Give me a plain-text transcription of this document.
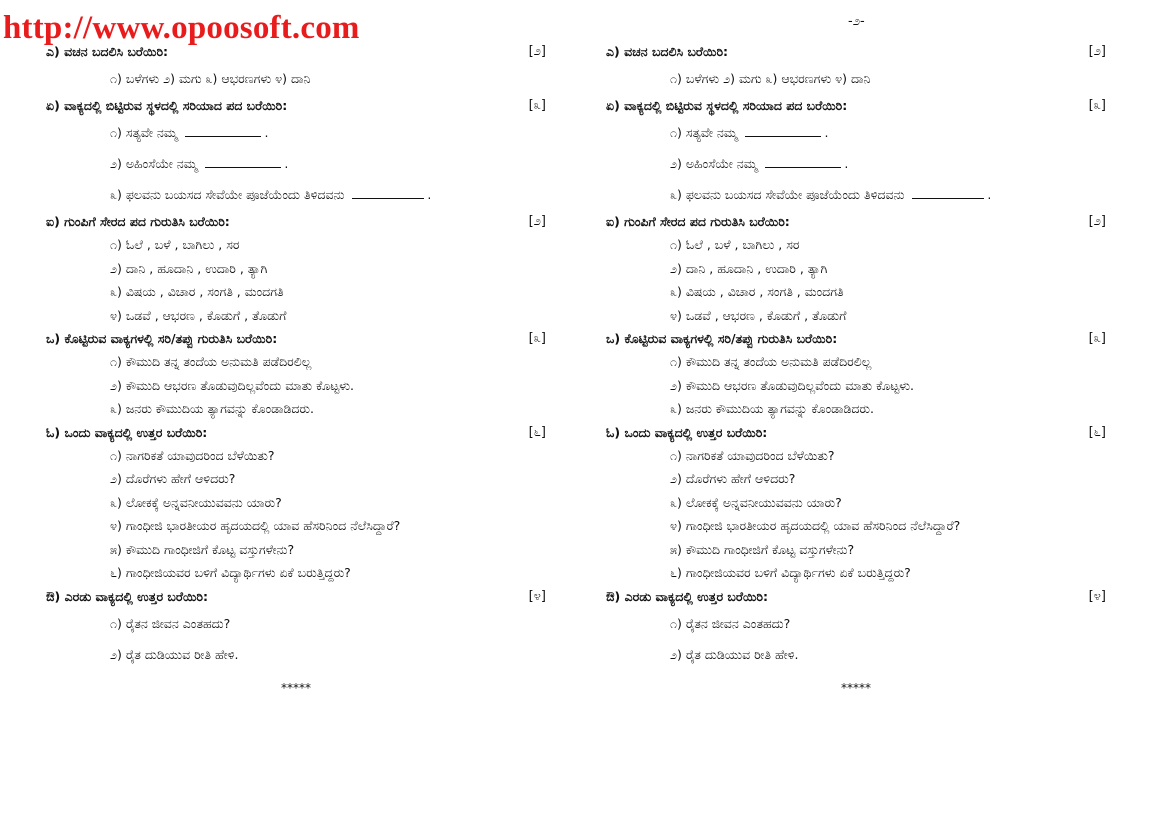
http://www.opoosoft.com	-೨-
ಎ) ವಚನ ಬದಲಿಸಿ ಬರೆಯಿರಿ:	[೨]
೧) ಬಳೆಗಳು ೨) ಮಗು ೩) ಆಭರಣಗಳು ೪) ದಾನಿ
ಏ) ವಾಕ್ಯದಲ್ಲಿ ಬಿಟ್ಟಿರುವ ಸ್ಥಳದಲ್ಲಿ ಸರಿಯಾದ ಪದ ಬರೆಯಿರಿ:	[೩]
೧) ಸತ್ಯವೇ ನಮ್ಮ	.
೨) ಅಹಿಂಸೆಯೇ ನಮ್ಮ	.
೩) ಫಲವನು ಬಯಸದ ಸೇವೆಯೇ ಪೂಜೆಯೆಂದು ತಿಳಿದವನು	.
ಐ) ಗುಂಪಿಗೆ ಸೇರದ ಪದ ಗುರುತಿಸಿ ಬರೆಯಿರಿ:	[೨]
೧) ಓಲೆ , ಬಳೆ , ಬಾಗಿಲು , ಸರ
೨) ದಾನಿ , ಹೂದಾನಿ , ಉದಾರಿ , ತ್ಯಾಗಿ
೩) ವಿಷಯ , ವಿಚಾರ , ಸಂಗತಿ , ಮಂದಗತಿ
೪) ಒಡವೆ , ಆಭರಣ , ಕೊಡುಗೆ , ತೊಡುಗೆ
ಒ) ಕೊಟ್ಟಿರುವ ವಾಕ್ಯಗಳಲ್ಲಿ ಸರಿ/ತಪ್ಪು ಗುರುತಿಸಿ ಬರೆಯಿರಿ:	[೩]
೧) ಕೌಮುದಿ ತನ್ನ ತಂದೆಯ ಅನುಮತಿ ಪಡೆದಿರಲಿಲ್ಲ
೨) ಕೌಮುದಿ ಆಭರಣ ತೊಡುವುದಿಲ್ಲವೆಂದು ಮಾತು ಕೊಟ್ಟಳು.
೩) ಜನರು ಕೌಮುದಿಯ ತ್ಯಾಗವನ್ನು ಕೊಂಡಾಡಿದರು.
ಓ) ಒಂದು ವಾಕ್ಯದಲ್ಲಿ ಉತ್ತರ ಬರೆಯಿರಿ:	[೬]
೧) ನಾಗರಿಕತೆ ಯಾವುದರಿಂದ ಬೆಳೆಯಿತು?
೨) ದೊರೆಗಳು ಹೇಗೆ ಆಳಿದರು?
೩) ಲೋಕಕ್ಕೆ ಅನ್ನವನೀಯುವವನು ಯಾರು?
೪) ಗಾಂಧೀಜಿ ಭಾರತೀಯರ ಹೃದಯದಲ್ಲಿ ಯಾವ ಹೆಸರಿನಿಂದ ನೆಲೆಸಿದ್ದಾರೆ?
೫) ಕೌಮುದಿ ಗಾಂಧೀಜಿಗೆ ಕೊಟ್ಟ ವಸ್ತುಗಳೇನು?
೬) ಗಾಂಧೀಜಿಯವರ ಬಳಿಗೆ ವಿದ್ಯಾರ್ಥಿಗಳು ಏಕೆ ಬರುತ್ತಿದ್ದರು?
ಔ) ಎರಡು ವಾಕ್ಯದಲ್ಲಿ ಉತ್ತರ ಬರೆಯಿರಿ:	[೪]
೧) ರೈತನ ಜೀವನ ಎಂತಹದು?
೨) ರೈತ ದುಡಿಯುವ ರೀತಿ ಹೇಳಿ.
*****
ಎ) ವಚನ ಬದಲಿಸಿ ಬರೆಯಿರಿ:	[೨]
೧) ಬಳೆಗಳು ೨) ಮಗು ೩) ಆಭರಣಗಳು ೪) ದಾನಿ
ಏ) ವಾಕ್ಯದಲ್ಲಿ ಬಿಟ್ಟಿರುವ ಸ್ಥಳದಲ್ಲಿ ಸರಿಯಾದ ಪದ ಬರೆಯಿರಿ:	[೩]
೧) ಸತ್ಯವೇ ನಮ್ಮ	.
೨) ಅಹಿಂಸೆಯೇ ನಮ್ಮ	.
೩) ಫಲವನು ಬಯಸದ ಸೇವೆಯೇ ಪೂಜೆಯೆಂದು ತಿಳಿದವನು	.
ಐ) ಗುಂಪಿಗೆ ಸೇರದ ಪದ ಗುರುತಿಸಿ ಬರೆಯಿರಿ:	[೨]
೧) ಓಲೆ , ಬಳೆ , ಬಾಗಿಲು , ಸರ
೨) ದಾನಿ , ಹೂದಾನಿ , ಉದಾರಿ , ತ್ಯಾಗಿ
೩) ವಿಷಯ , ವಿಚಾರ , ಸಂಗತಿ , ಮಂದಗತಿ
೪) ಒಡವೆ , ಆಭರಣ , ಕೊಡುಗೆ , ತೊಡುಗೆ
ಒ) ಕೊಟ್ಟಿರುವ ವಾಕ್ಯಗಳಲ್ಲಿ ಸರಿ/ತಪ್ಪು ಗುರುತಿಸಿ ಬರೆಯಿರಿ:	[೩]
೧) ಕೌಮುದಿ ತನ್ನ ತಂದೆಯ ಅನುಮತಿ ಪಡೆದಿರಲಿಲ್ಲ
೨) ಕೌಮುದಿ ಆಭರಣ ತೊಡುವುದಿಲ್ಲವೆಂದು ಮಾತು ಕೊಟ್ಟಳು.
೩) ಜನರು ಕೌಮುದಿಯ ತ್ಯಾಗವನ್ನು ಕೊಂಡಾಡಿದರು.
ಓ) ಒಂದು ವಾಕ್ಯದಲ್ಲಿ ಉತ್ತರ ಬರೆಯಿರಿ:	[೬]
೧) ನಾಗರಿಕತೆ ಯಾವುದರಿಂದ ಬೆಳೆಯಿತು?
೨) ದೊರೆಗಳು ಹೇಗೆ ಆಳಿದರು?
೩) ಲೋಕಕ್ಕೆ ಅನ್ನವನೀಯುವವನು ಯಾರು?
೪) ಗಾಂಧೀಜಿ ಭಾರತೀಯರ ಹೃದಯದಲ್ಲಿ ಯಾವ ಹೆಸರಿನಿಂದ ನೆಲೆಸಿದ್ದಾರೆ?
೫) ಕೌಮುದಿ ಗಾಂಧೀಜಿಗೆ ಕೊಟ್ಟ ವಸ್ತುಗಳೇನು?
೬) ಗಾಂಧೀಜಿಯವರ ಬಳಿಗೆ ವಿದ್ಯಾರ್ಥಿಗಳು ಏಕೆ ಬರುತ್ತಿದ್ದರು?
ಔ) ಎರಡು ವಾಕ್ಯದಲ್ಲಿ ಉತ್ತರ ಬರೆಯಿರಿ:	[೪]
೧) ರೈತನ ಜೀವನ ಎಂತಹದು?
೨) ರೈತ ದುಡಿಯುವ ರೀತಿ ಹೇಳಿ.
*****
